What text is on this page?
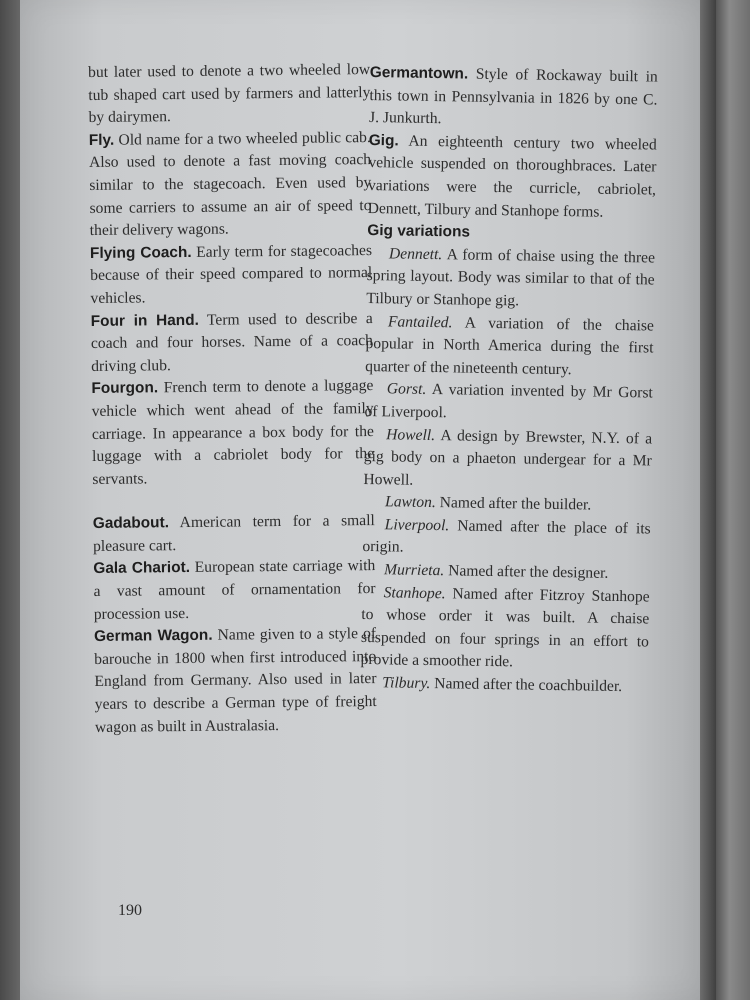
but later used to denote a two wheeled low tub shaped cart used by farmers and latterly by dairymen.

Fly. Old name for a two wheeled public cab. Also used to denote a fast moving coach similar to the stagecoach. Even used by some carriers to assume an air of speed to their delivery wagons.

Flying Coach. Early term for stagecoaches because of their speed compared to normal vehicles.

Four in Hand. Term used to describe a coach and four horses. Name of a coach driving club.

Fourgon. French term to denote a luggage vehicle which went ahead of the family carriage. In appearance a box body for the luggage with a cabriolet body for the servants.

Gadabout. American term for a small pleasure cart.

Gala Chariot. European state carriage with a vast amount of ornamentation for procession use.

German Wagon. Name given to a style of barouche in 1800 when first introduced into England from Germany. Also used in later years to describe a German type of freight wagon as built in Australasia.

Germantown. Style of Rockaway built in this town in Pennsylvania in 1826 by one C. J. Junkurth.

Gig. An eighteenth century two wheeled vehicle suspended on thoroughbraces. Later variations were the curricle, cabriolet, Dennett, Tilbury and Stanhope forms.

Gig variations

Dennett. A form of chaise using the three spring layout. Body was similar to that of the Tilbury or Stanhope gig.

Fantailed. A variation of the chaise popular in North America during the first quarter of the nineteenth century.

Gorst. A variation invented by Mr Gorst of Liverpool.

Howell. A design by Brewster, N.Y. of a gig body on a phaeton undergear for a Mr Howell.

Lawton. Named after the builder.

Liverpool. Named after the place of its origin.

Murrieta. Named after the designer.

Stanhope. Named after Fitzroy Stanhope to whose order it was built. A chaise suspended on four springs in an effort to provide a smoother ride.

Tilbury. Named after the coachbuilder.

190
